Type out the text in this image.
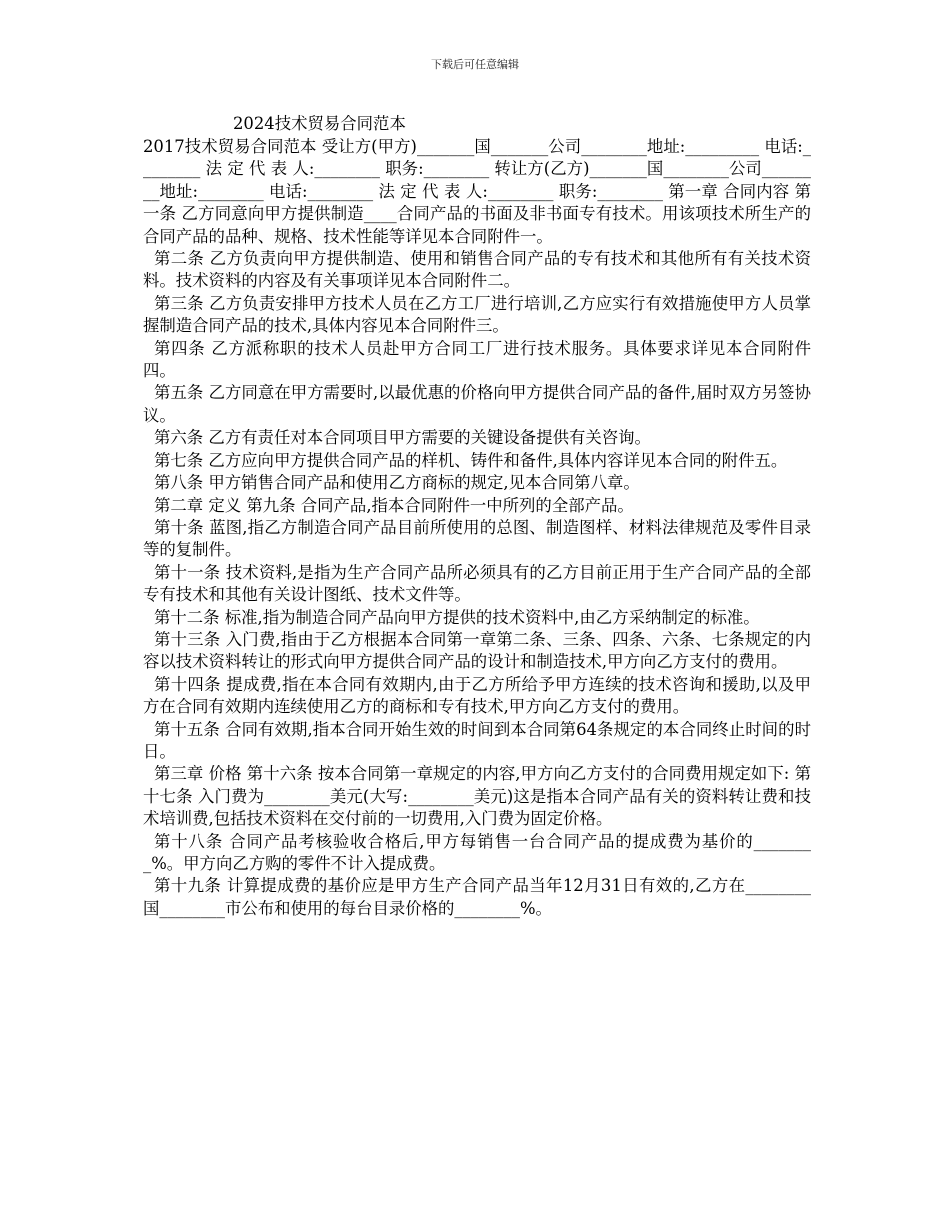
下载后可任意编辑

2024技术贸易合同范本

2017技术贸易合同范本 受让方(甲方)_______国_______公司________地址:_________ 电话:________ 法 定 代 表 人:________ 职务:________ 转让方(乙方)_______国________公司________地址:________ 电话:________ 法 定 代 表 人:________ 职务:________ 第一章 合同内容 第一条 乙方同意向甲方提供制造____合同产品的书面及非书面专有技术。用该项技术所生产的合同产品的品种、规格、技术性能等详见本合同附件一。

第二条 乙方负责向甲方提供制造、使用和销售合同产品的专有技术和其他所有有关技术资料。技术资料的内容及有关事项详见本合同附件二。

第三条 乙方负责安排甲方技术人员在乙方工厂进行培训,乙方应实行有效措施使甲方人员掌握制造合同产品的技术,具体内容见本合同附件三。

第四条 乙方派称职的技术人员赴甲方合同工厂进行技术服务。具体要求详见本合同附件四。

第五条 乙方同意在甲方需要时,以最优惠的价格向甲方提供合同产品的备件,届时双方另签协议。

第六条 乙方有责任对本合同项目甲方需要的关键设备提供有关咨询。

第七条 乙方应向甲方提供合同产品的样机、铸件和备件,具体内容详见本合同的附件五。

第八条 甲方销售合同产品和使用乙方商标的规定,见本合同第八章。

第二章 定义 第九条 合同产品,指本合同附件一中所列的全部产品。

第十条 蓝图,指乙方制造合同产品目前所使用的总图、制造图样、材料法律规范及零件目录等的复制件。

第十一条 技术资料,是指为生产合同产品所必须具有的乙方目前正用于生产合同产品的全部专有技术和其他有关设计图纸、技术文件等。

第十二条 标准,指为制造合同产品向甲方提供的技术资料中,由乙方采纳制定的标准。

第十三条 入门费,指由于乙方根据本合同第一章第二条、三条、四条、六条、七条规定的内容以技术资料转让的形式向甲方提供合同产品的设计和制造技术,甲方向乙方支付的费用。

第十四条 提成费,指在本合同有效期内,由于乙方所给予甲方连续的技术咨询和援助,以及甲方在合同有效期内连续使用乙方的商标和专有技术,甲方向乙方支付的费用。

第十五条 合同有效期,指本合同开始生效的时间到本合同第64条规定的本合同终止时间的时日。

第三章 价格 第十六条 按本合同第一章规定的内容,甲方向乙方支付的合同费用规定如下: 第十七条 入门费为________美元(大写:________美元)这是指本合同产品有关的资料转让费和技术培训费,包括技术资料在交付前的一切费用,入门费为固定价格。

第十八条 合同产品考核验收合格后,甲方每销售一台合同产品的提成费为基价的________%。甲方向乙方购的零件不计入提成费。

第十九条 计算提成费的基价应是甲方生产合同产品当年12月31日有效的,乙方在________国________市公布和使用的每台目录价格的________%。
